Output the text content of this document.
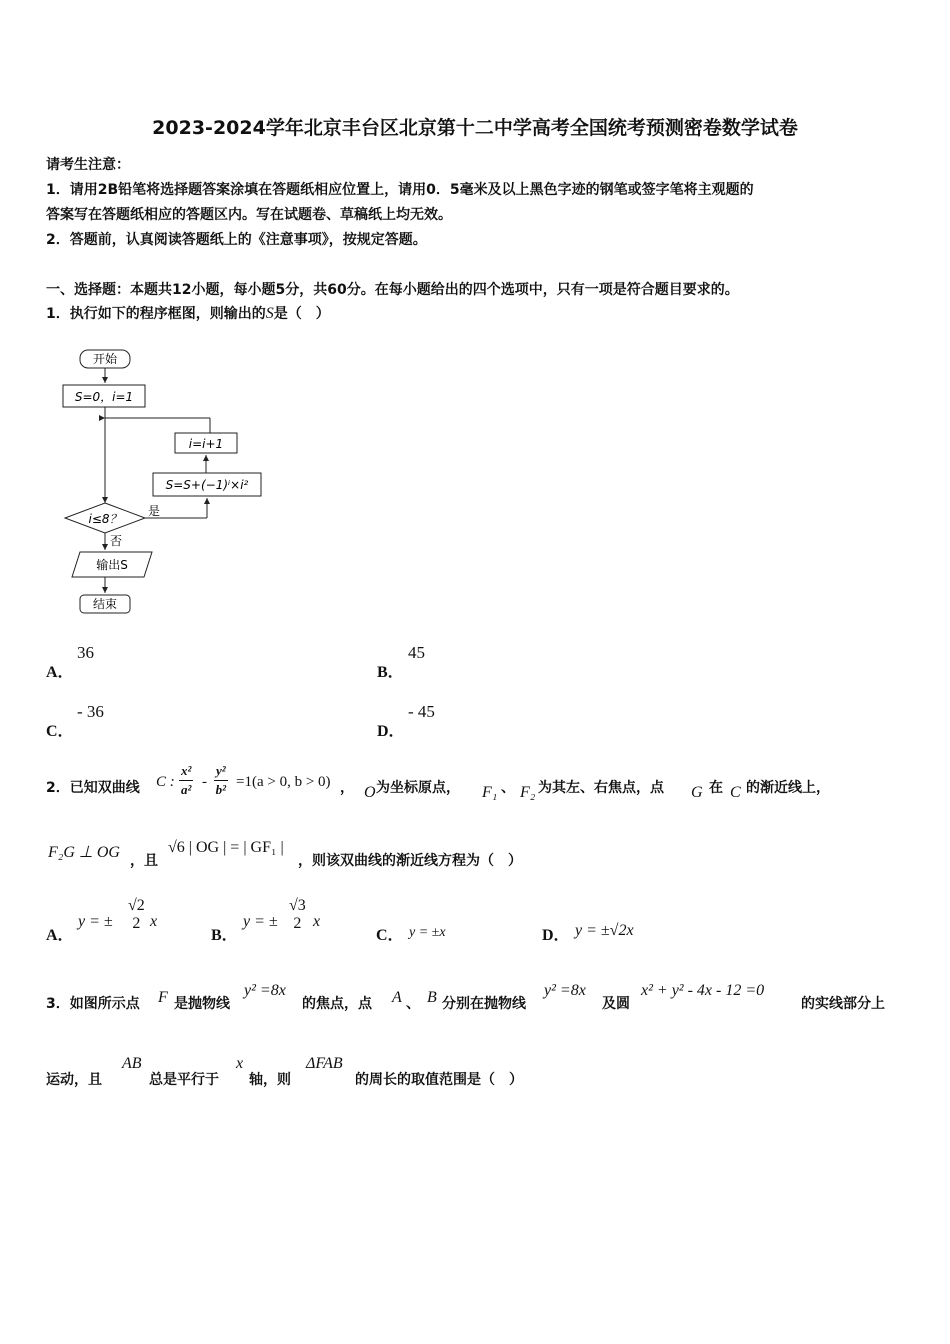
2023-2024学年北京丰台区北京第十二中学高考全国统考预测密卷数学试卷
请考生注意：
1．请用2B铅笔将选择题答案涂填在答题纸相应位置上，请用0．5毫米及以上黑色字迹的钢笔或签字笔将主观题的
答案写在答题纸相应的答题区内。写在试题卷、草稿纸上均无效。
2．答题前，认真阅读答题纸上的《注意事项》，按规定答题。
一、选择题：本题共12小题，每小题5分，共60分。在每小题给出的四个选项中，只有一项是符合题目要求的。
1．执行如下的程序框图，则输出的S是（　）
开始
S=0，i=1
i=i+1
S=S+(−1)ⁱ×i²
i≤8？
是
否
输出S
结束
A．
36
B．
45
C．
- 36
D．
- 45
2．已知双曲线 C : $\frac{\text{x²}}{\text{a²}} - \frac{\text{y²}}{\text{b²}} =1(a > 0$, b > 0) ， O 为坐标原点， F₁ 、 F₂ 为其左、右焦点，点 G 在 C 的渐近线上，
F₂G ⊥ OG ，且
√6 | OG | = | GF₁ |
，则该双曲线的渐近线方程为（　）
A．
y = ±
√2
2 x
B．
y = ±
√3
2 x
C． y = ±x	D． y = ±√2x
3．如图所示点 F 是抛物线
y² =8x
的焦点，点 A 、 B 分别在抛物线
y² =8x
及圆
x² + y² - 4x - 12 =0
的实线部分上
运动，且
AB
总是平行于
x
轴，则
ΔFAB
的周长的取值范围是（　）
